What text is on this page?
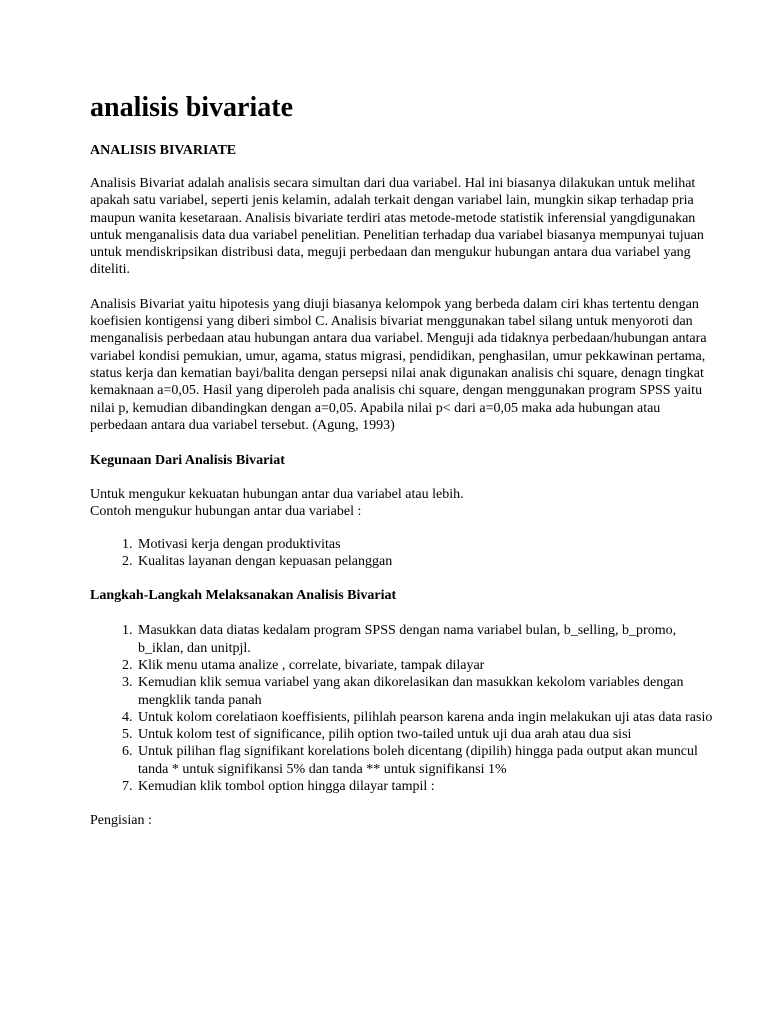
analisis bivariate
ANALISIS BIVARIATE

Analisis Bivariat adalah analisis secara simultan dari dua variabel. Hal ini biasanya dilakukan untuk melihat apakah satu variabel, seperti jenis kelamin, adalah terkait dengan variabel lain, mungkin sikap terhadap pria maupun wanita kesetaraan. Analisis bivariate terdiri atas metode-metode statistik inferensial yangdigunakan untuk menganalisis data dua variabel penelitian. Penelitian terhadap dua variabel biasanya mempunyai tujuan untuk mendiskripsikan distribusi data, meguji perbedaan dan mengukur hubungan antara dua variabel yang diteliti.

Analisis Bivariat yaitu hipotesis yang diuji biasanya kelompok yang berbeda dalam ciri khas tertentu dengan koefisien kontigensi yang diberi simbol C. Analisis bivariat menggunakan tabel silang untuk menyoroti dan menganalisis perbedaan atau hubungan antara dua variabel. Menguji ada tidaknya perbedaan/hubungan antara variabel kondisi pemukian, umur, agama, status migrasi, pendidikan, penghasilan, umur pekkawinan pertama, status kerja dan kematian bayi/balita dengan persepsi nilai anak digunakan analisis chi square, denagn tingkat kemaknaan a=0,05. Hasil yang diperoleh pada analisis chi square, dengan menggunakan program SPSS yaitu nilai p, kemudian dibandingkan dengan a=0,05. Apabila nilai p< dari a=0,05 maka ada hubungan atau perbedaan antara dua variabel tersebut. (Agung, 1993)

Kegunaan Dari Analisis Bivariat

Untuk mengukur kekuatan hubungan antar dua variabel atau lebih.

Contoh mengukur hubungan antar dua variabel :

1. Motivasi kerja dengan produktivitas
2. Kualitas layanan dengan kepuasan pelanggan
Langkah-Langkah Melaksanakan Analisis Bivariat
1. Masukkan data diatas kedalam program SPSS dengan nama variabel bulan, b_selling, b_promo, b_iklan, dan unitpjl.
2. Klik menu utama analize , correlate, bivariate, tampak dilayar
3. Kemudian klik semua variabel yang akan dikorelasikan dan masukkan kekolom variables dengan mengklik tanda panah
4. Untuk kolom corelatiaon koeffisients, pilihlah pearson karena anda ingin melakukan uji atas data rasio
5. Untuk kolom test of significance, pilih option two-tailed untuk uji dua arah atau dua sisi
6. Untuk pilihan flag signifikant korelations boleh dicentang (dipilih) hingga pada output akan muncul tanda * untuk signifikansi 5% dan tanda ** untuk signifikansi 1%
7. Kemudian klik tombol option hingga dilayar tampil :

Pengisian :
